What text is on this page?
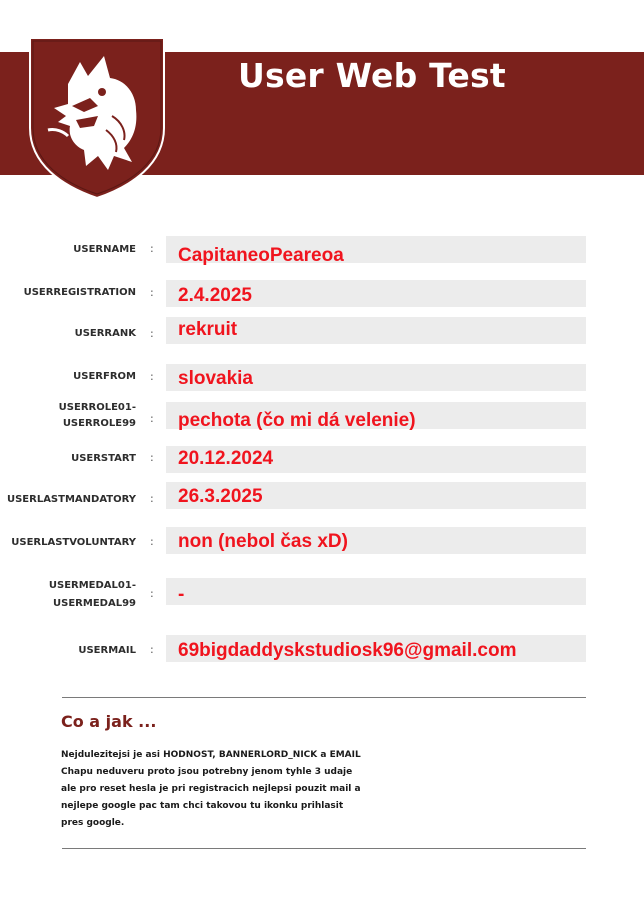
User Web Test
USERNAME : CapitaneoPeareoa
USERREGISTRATION : 2.4.2025
USERRANK : rekruit
USERFROM : slovakia
USERROLE01-
USERROLE99 : pechota (čo mi dá velenie)
USERSTART : 20.12.2024
USERLASTMANDATORY : 26.3.2025
USERLASTVOLUNTARY : non (nebol čas xD)
USERMEDAL01-
USERMEDAL99
: -
USERMAIL : 69bigdaddyskstudiosk96@gmail.com
Co a jak ...
Nejdulezitejsi je asi HODNOST, BANNERLORD_NICK a EMAIL
Chapu neduveru proto jsou potrebny jenom tyhle 3 udaje
ale pro reset hesla je pri registracich nejlepsi pouzit mail a
nejlepe google pac tam chci takovou tu ikonku prihlasit
pres google.
